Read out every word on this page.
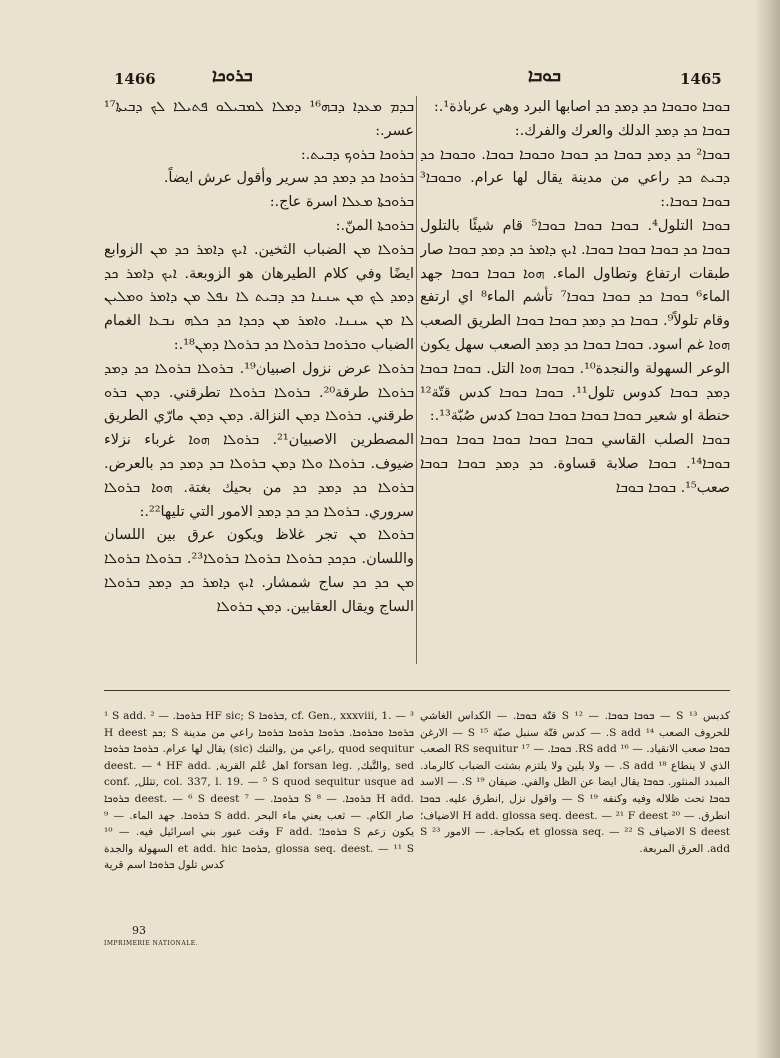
1466	ܒܪܘܟܐ	ܒܘܒܐ	1465

ܒܕܡ ܡܥܕܐ ܕܒܗ¹⁶ ܕܡܠܐ ܠܡܒܝܠܘ ܦܬܝܠܐ ܠܟ ܕܒܝܬܐ¹⁷ عسر.:

ܒܪܘܟܐ ܒܪܘܟ ܕܒܝܬ.:

ܒܪܘܟܐ ܟܕ ܕܡܕ ܟܕ سرير وأقول عرش ايضاً.

ܒܪܘܟܬܐ ܡܥܠܐ اسرة عاج.:

ܒܪܘܟܬܐ المنّ.:

ܒܪܘܠܐ ܡܢ الضباب الثخين. ܐܝܟ ܕܐܡܪ ܟܕ ܡܢ الزوابع ايضًا وفي كلام الطيرهان هو الزوبعة. ܐܝܟ ܕܐܡܪ ܟܕ ܕܡܕ ܠܟ ܡܢ ܚܢܢܐ ܟܕ ܕܒܝܬ ܠܐ ܢܦܠ ܡܢ ܕܐܡܪ ܘܡܠܝܢ ܠܐ ܡܢ ܚܢܢܐ. ܘܐܡܪ ܡܢ ܕܟܕܐ ܟܕ ܟܠܗ ܢܒܥܐ الغمام الضباب ܘܒܪܘܟܐ ܒܪܘܠܐ ܟܕ ܒܪܘܠܐ ܕܡܢ¹⁸.:

ܒܪܘܠܐ عرض نزول اصبيان¹⁹. ܒܪܘܠܐ ܒܪܘܠܐ ܟܕ ܕܡܕ ܒܪܘܠܐ طرقة²⁰. ܒܪܘܠܐ ܒܪܘܠܐ تطرقني. ܕܡܢ ܒܪܘ طرقني. ܒܪܘܠܐ ܕܡܢ النزالة. ܕܡܢ ܕܡܢ مارّي الطريق المصطرين الاصبيان²¹. ܒܪܘܠܐ ܗܘܐ غرباء نزلاء ضيوف. ܒܪܘܠܐ ܘܠܐ ܕܡܢ ܒܪܘܠܐ ܒܕ ܕܡܕ ܟܕ بالعرض. ܒܪܘܠܐ ܟܕ ܕܡܕ ܟܕ من بحيك بغتة. ܗܘܐ ܒܪܘܠܐ سروري. ܒܪܘܠܐ ܟܕ ܟܕ ܕܡܕ الامور التي تليها²².:

ܒܪܘܠܐ ܡܢ تجر غلاظ ويكون عرق بين اللسان واللسان. ܟܕܟܕ ܒܪܘܠܐ ܒܪܘܠܐ ܒܪܘܠܐ²³. ܒܪܘܠܐ ܒܪܘܠܐ ܡܢ ܟܕ ܟܕ ساج شمشار. ܐܝܟ ܕܐܡܪ ܟܕ ܕܡܕ ܒܪܘܠܐ الساج ويقال العقابين. ܕܡܢ ܒܪܘܠܐ

ܒܘܒܐ ܘܒܘܒܐ ܟܕ ܕܡܕ ܟܕ اصابها البرد وهي عرباذة¹.:

ܒܘܒܐ ܟܕ ܕܡܕ الدلك والعرك والفرك.:

ܒܘܒܐ² ܟܕ ܕܡܕ ܒܘܒܐ ܟܕ ܒܘܒܐ ܘܒܘܒܐ ܒܘܒܐ. ܘܒܘܒܐ ܟܕ ܕܒܝܬ ܟܕ راعي من مدينة يقال لها عرام. ܘܒܘܒܐ³ ܒܘܒܐ ܒܘܒܐ.:

ܒܘܒܐ التلول⁴. ܒܘܒܐ ܒܘܒܐ ܒܘܒܐ⁵ قام شيئًا بالتلول ܒܘܒܐ ܟܕ ܒܘܒܐ ܒܘܒܐ ܒܘܒܐ. ܐܝܟ ܕܐܡܪ ܟܕ ܕܡܕ ܒܘܒܐ صار طبقات ارتفاع وتطاول الماء. ܗܘܐ ܒܘܒܐ ܒܘܒܐ جهد الماء⁶ ܒܘܒܐ ܟܕ ܒܘܒܐ ܒܘܒܐ⁷ تأشم الماء⁸ اي ارتفع وقام تلولاً⁹. ܒܘܒܐ ܟܕ ܕܡܕ ܒܘܒܐ ܒܘܒܐ الطريق الصعب ܗܘܐ غم اسود. ܒܘܒܐ ܒܘܒܐ ܟܕ ܕܡܕ الصعب سهل يكون الوعر السهولة والنجدة¹⁰. ܒܘܒܐ ܗܘܐ التل. ܒܘܒܐ ܒܘܒܐ ܕܡܕ ܒܘܒܐ كدوس تلول¹¹. ܒܘܒܐ ܒܘܒܐ كدس قتّة¹² حنطة او شعير ܒܘܒܐ ܒܘܒܐ ܒܘܒܐ ܒܘܒܐ كدس صُبّة¹³.:

ܒܘܒܐ الصلب القاسي ܒܘܒܐ ܒܘܒܐ ܒܘܒܐ ܒܘܒܐ ܒܘܒܐ ܒܘܒܐ¹⁴. ܒܘܒܐ صلابة قساوة. ܟܕ ܕܡܕ ܒܘܒܐ ܒܘܒܐ صعب¹⁵. ܒܘܒܐ ܒܘܒܐ

¹ S add. ܒܪܘܟܐ. — ² HF sic; S ܒܪܘܟܐ, cf. Gen., xxxviii, 1. — ³ H deest ܟܕ; S ܒܪܘܟܐ ܘܒܪܘܟܐ. ܒܪܘܟܐ ܒܪܘܟܐ ܒܪܘܟܐ راعي من مدينة يقال لها عرام. ܒܪܘܟܐ ܒܪܘܟܐ (sic) راعي من ,والتبك, quod sequitur deest. — ⁴ HF add. ,اهل عُلم القرية forsan leg. ,والتَّبك, sed conf. ,تتلل, col. 337, l. 19. — ⁵ S quod sequitur usque ad ܒܪܘܟܐ deest. — ⁶ S deest ܒܪܘܟܐ. — ⁷ S ܒܪܘܟܐ. — ⁸ H add. ܒܪܘܟܐ. جهد الماء. — ⁹ S add. صار الكام. — ثعب يعني ماء البحر وقت عبور بني اسرائيل فيه. — ¹⁰ F add. ܒܪܘܟܐ؛ S يكون زعم السهولة والجدة et add. hic ܒܪܘܟܐ, glossa seq. deest. — ¹¹ S كدس تلول ܒܪܘܟܐ اسم قرية

كدبس S ¹³ — ܒܘܒܐ ܒܘܒܐ. — ¹² S قتّة ܒܘܒܐ. — الكداس الغاشي للحروف الصعب ¹⁴ S add. — كدس قتّة سنبل صبّة ¹⁵ S — الارغن ܒܘܒܐ صعب الانقياد. — ¹⁶ RS add. ܒܘܒܐ. — ¹⁷ RS sequitur الصعب الذي لا ينطاع ¹⁸ S add. — ولا يلين ولا يلتزم بشتت الضباب كالرماد. المبدد المنثور. ܒܘܒܐ يقال ايضا عن الظل والفي. ضيفان ¹⁹ S. — الاسد ܒܘܒܐ تحت ظلاله وفيه وكنفه ¹⁹ S — واقول نزل ,انطرق عليه. ܒܘܒܐ انطرق. — ²⁰ H add. glossa seq. deest. — ²¹ F deest الاضياف؛ S deest الاضياف et glossa seq. — ²² S بكجاجة. — الامور ²³ S add. العرق المربعة.

93
IMPRIMERIE NATIONALE.
